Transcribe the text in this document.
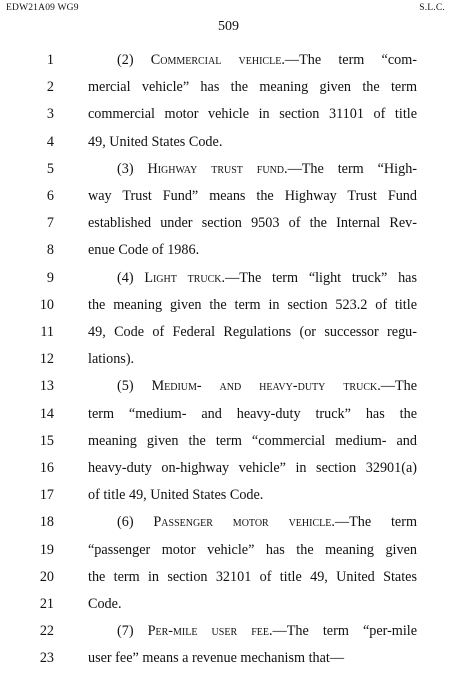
EDW21A09 WG9	S.L.C.
509
1	(2) Commercial vehicle.—The term “com-
2 mercial vehicle” has the meaning given the term
3 commercial motor vehicle in section 31101 of title
4 49, United States Code.
5	(3) Highway trust fund.—The term “High-
6 way Trust Fund” means the Highway Trust Fund
7 established under section 9503 of the Internal Rev-
8 enue Code of 1986.
9	(4) Light truck.—The term “light truck” has
10 the meaning given the term in section 523.2 of title
11 49, Code of Federal Regulations (or successor regu-
12 lations).
13	(5) Medium- and heavy-duty truck.—The
14 term “medium- and heavy-duty truck” has the
15 meaning given the term “commercial medium- and
16 heavy-duty on-highway vehicle” in section 32901(a)
17 of title 49, United States Code.
18	(6) Passenger motor vehicle.—The term
19 “passenger motor vehicle” has the meaning given
20 the term in section 32101 of title 49, United States
21 Code.
22	(7) Per-mile user fee.—The term “per-mile
23 user fee” means a revenue mechanism that—
